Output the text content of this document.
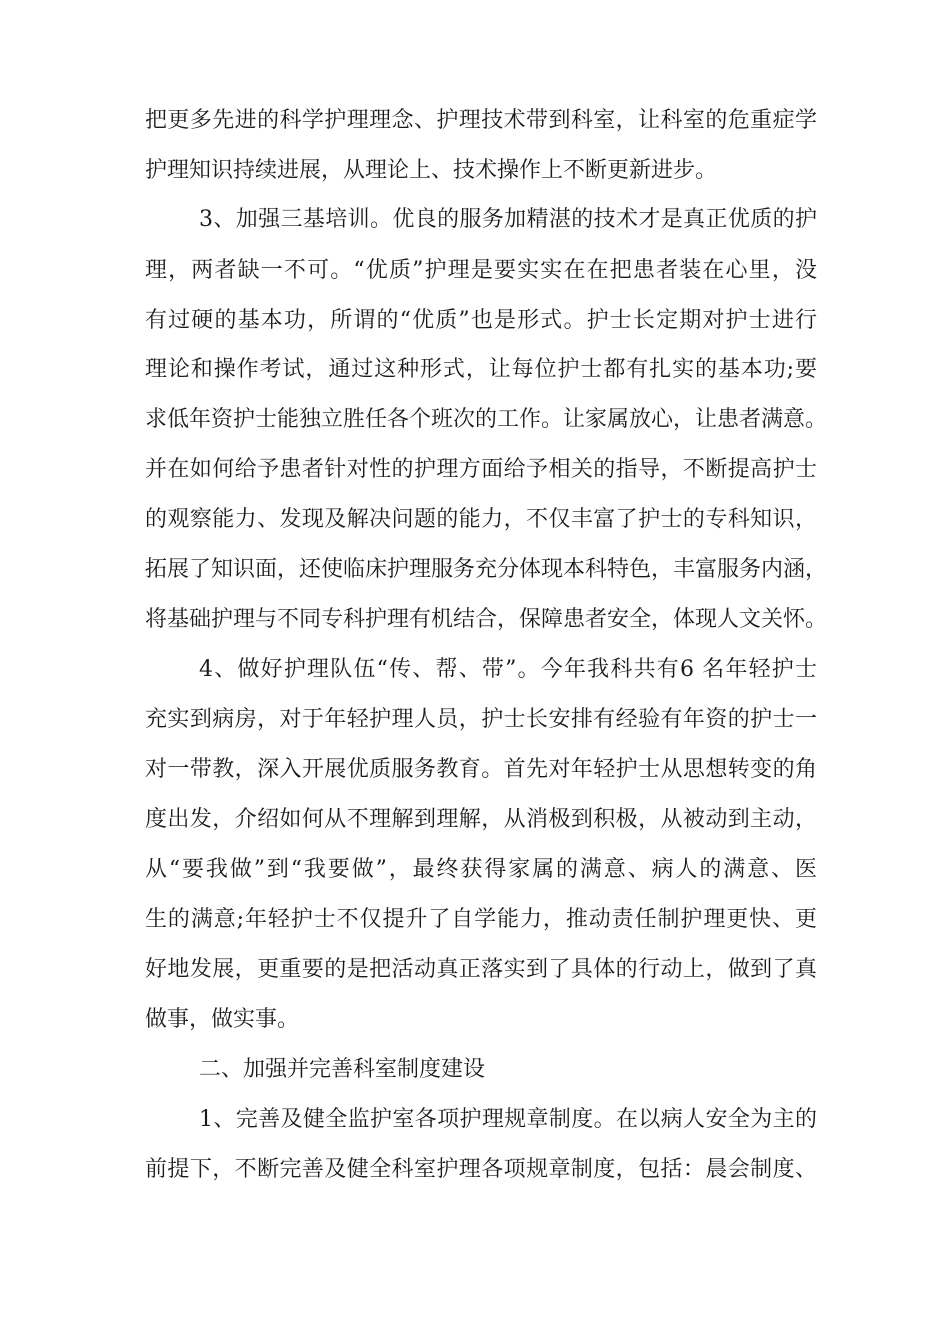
把更多先进的科学护理理念、护理技术带到科室，让科室的危重症学
护理知识持续进展，从理论上、技术操作上不断更新进步。
3、加强三基培训。优良的服务加精湛的技术才是真正优质的护
理，两者缺一不可。“优质”护理是要实实在在把患者装在心里，没
有过硬的基本功，所谓的“优质”也是形式。护士长定期对护士进行
理论和操作考试，通过这种形式，让每位护士都有扎实的基本功;要
求低年资护士能独立胜任各个班次的工作。让家属放心，让患者满意。
并在如何给予患者针对性的护理方面给予相关的指导，不断提高护士
的观察能力、发现及解决问题的能力，不仅丰富了护士的专科知识，
拓展了知识面，还使临床护理服务充分体现本科特色，丰富服务内涵，
将基础护理与不同专科护理有机结合，保障患者安全，体现人文关怀。
4、做好护理队伍“传、帮、带”。今年我科共有6 名年轻护士
充实到病房，对于年轻护理人员，护士长安排有经验有年资的护士一
对一带教，深入开展优质服务教育。首先对年轻护士从思想转变的角
度出发，介绍如何从不理解到理解，从消极到积极，从被动到主动，
从“要我做”到“我要做”，最终获得家属的满意、病人的满意、医
生的满意;年轻护士不仅提升了自学能力，推动责任制护理更快、更
好地发展，更重要的是把活动真正落实到了具体的行动上，做到了真
做事，做实事。
二、加强并完善科室制度建设
1、完善及健全监护室各项护理规章制度。在以病人安全为主的
前提下，不断完善及健全科室护理各项规章制度，包括：晨会制度、
